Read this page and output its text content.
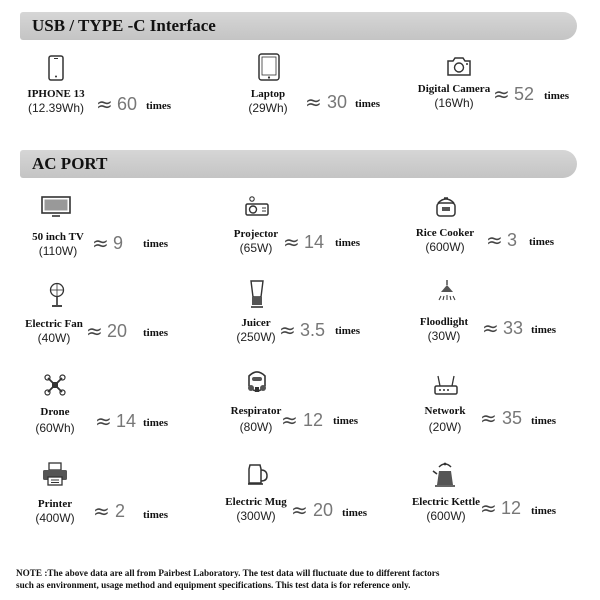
USB / TYPE -C Interface
IPHONE 13
(12.39Wh) ≈ 60 times
Laptop
(29Wh) ≈ 30 times
Digital Camera
(16Wh) ≈ 52 times
AC PORT
50 inch TV
(110W) ≈ 9 times
Projector
(65W) ≈ 14 times
Rice Cooker
(600W)	≈ 3 times
Electric Fan
(40W) ≈ 20 times
Juicer
(250W) ≈ 3.5 times
Floodlight
(30W)	≈ 33 times
Drone
(60Wh)	≈ 14 times
Respirator
(80W) ≈ 12 times
Network
(20W) ≈ 35 times
Printer
(400W) ≈ 2 times
Electric Mug
(300W) ≈ 20 times
Electric Kettle
(600W) ≈ 12 times
NOTE :The above data are all from Pairbest Laboratory. The test data will fluctuate due to different factors
such as environment, usage method and equipment specifications. This test data is for reference only.
